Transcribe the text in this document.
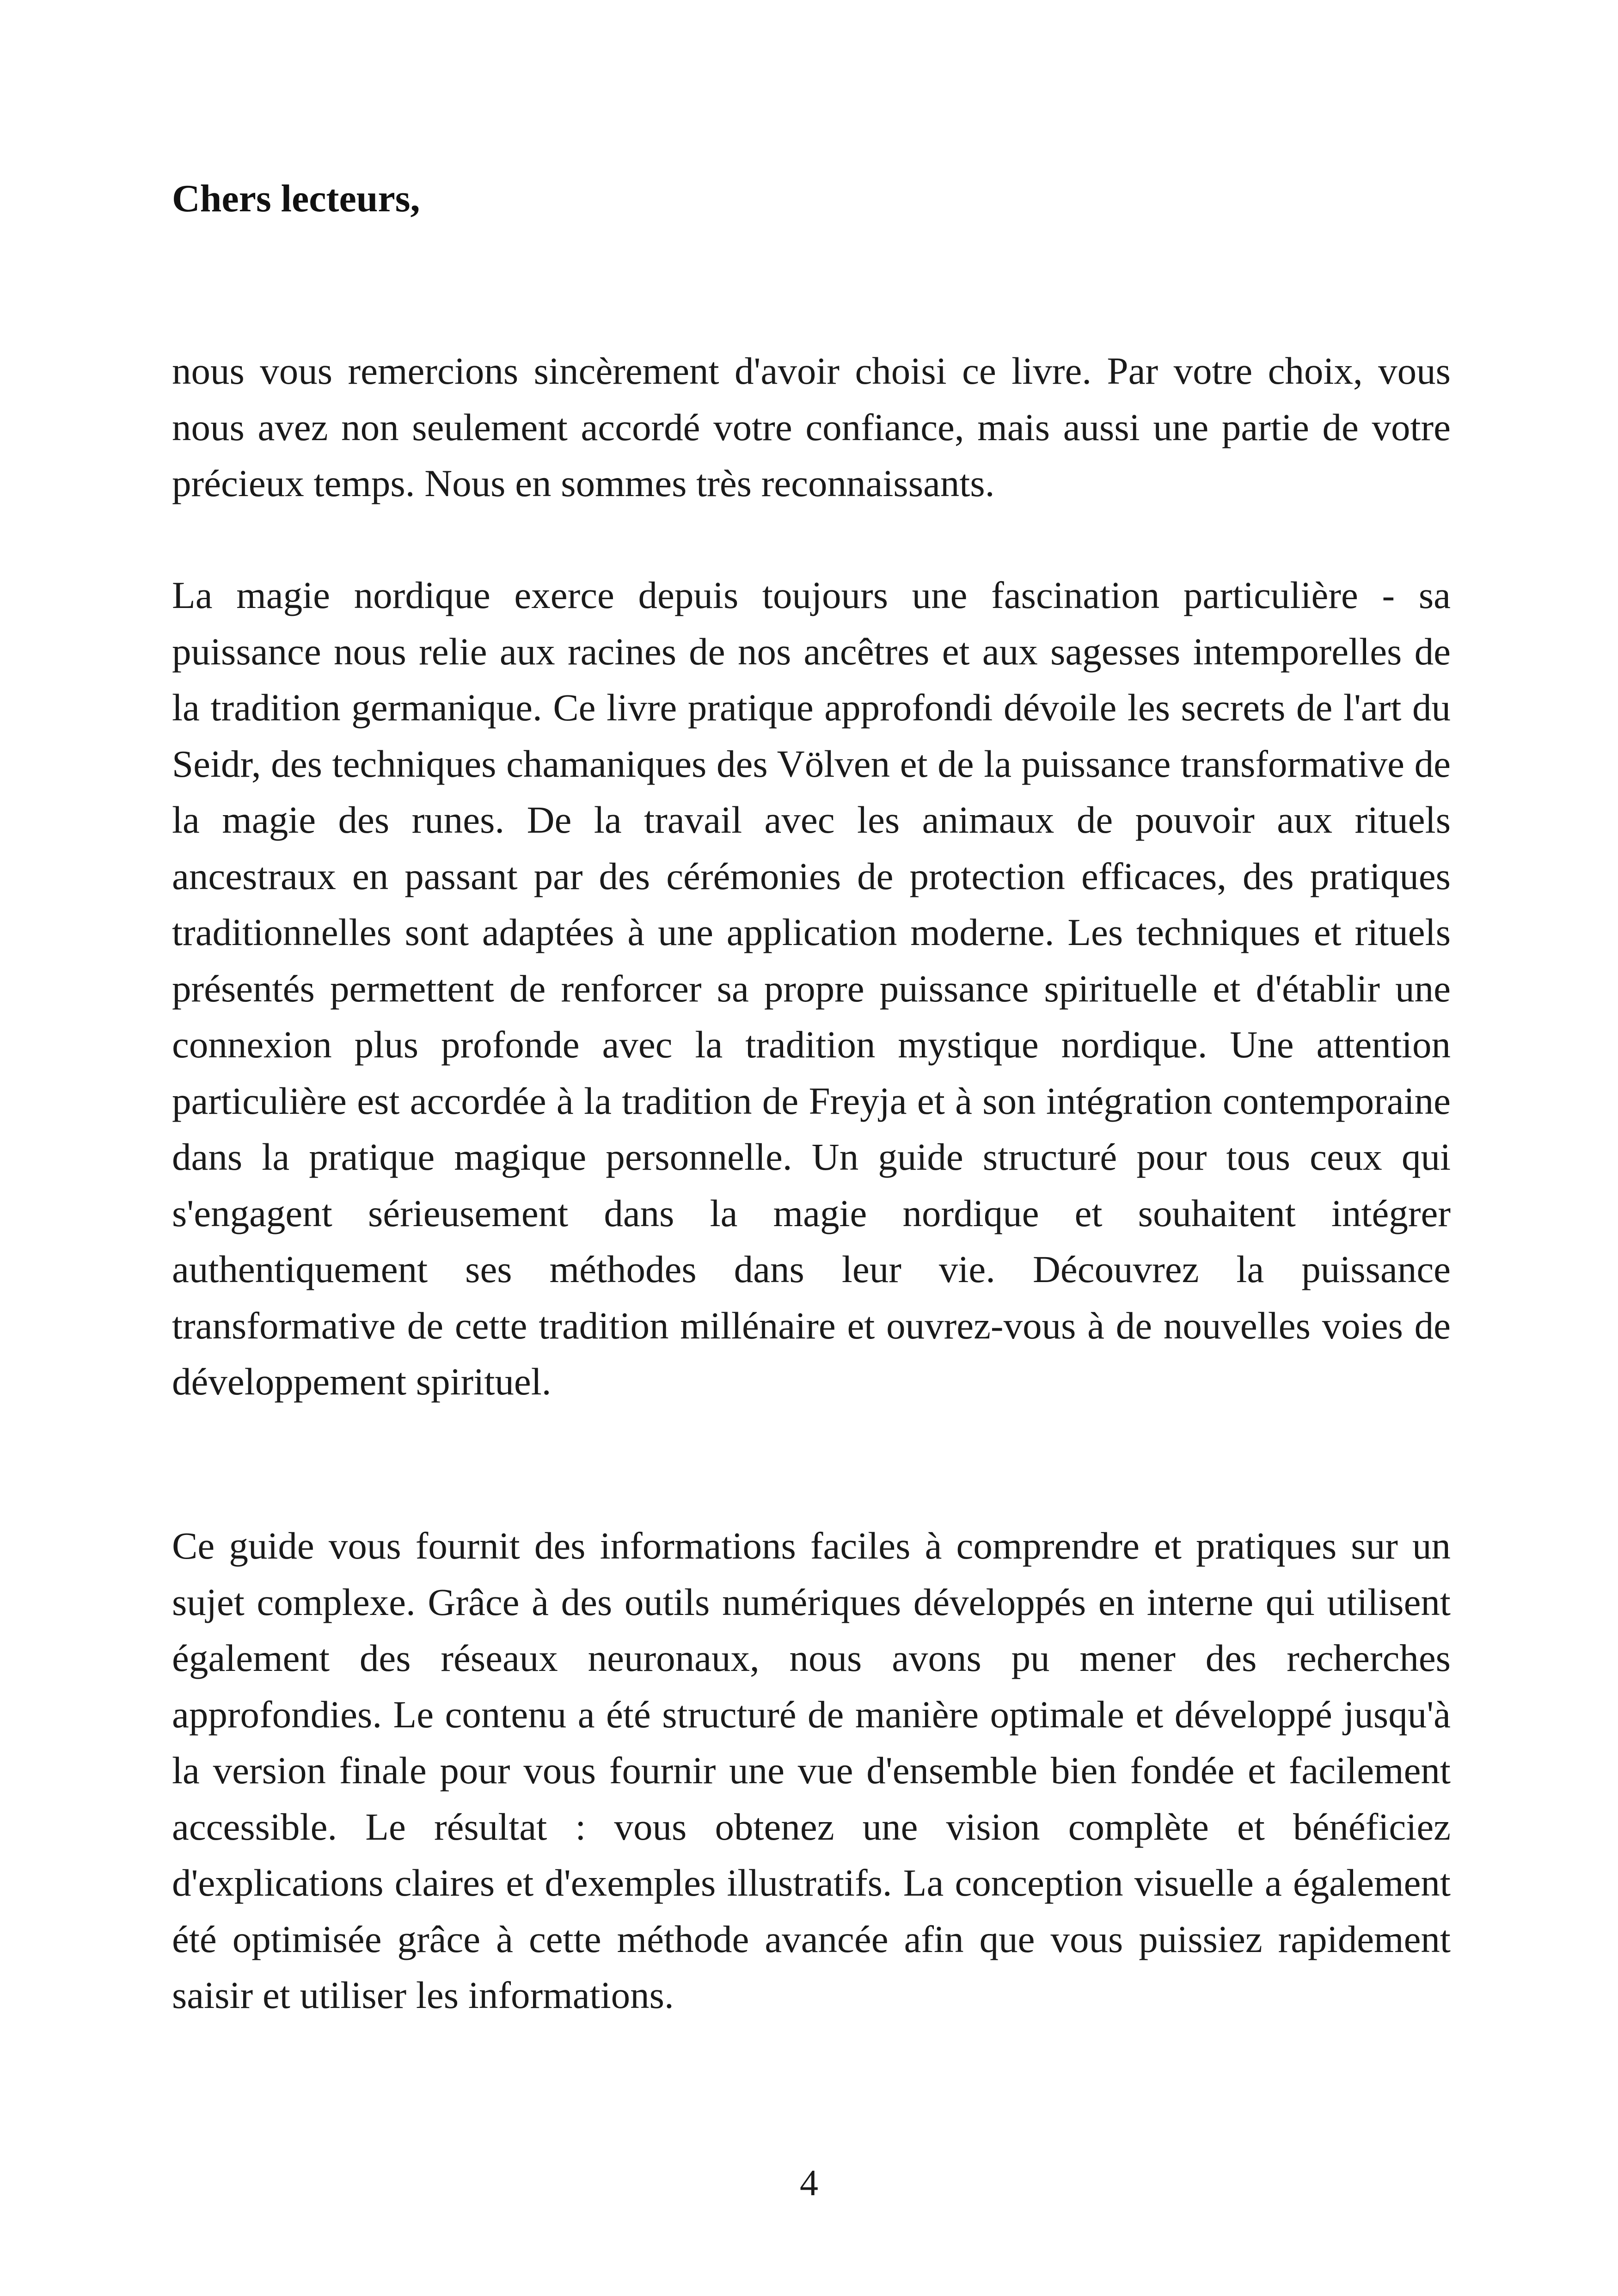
Chers lecteurs,

nous vous remercions sincèrement d'avoir choisi ce livre. Par votre choix, vous nous avez non seulement accordé votre confiance, mais aussi une partie de votre précieux temps. Nous en sommes très reconnaissants.

La magie nordique exerce depuis toujours une fascination particulière - sa puissance nous relie aux racines de nos ancêtres et aux sagesses intemporelles de la tradition germanique. Ce livre pratique approfondi dévoile les secrets de l'art du Seidr, des techniques chamaniques des Völven et de la puissance transformative de la magie des runes. De la travail avec les animaux de pouvoir aux rituels ancestraux en passant par des cérémonies de protection efficaces, des pratiques traditionnelles sont adaptées à une application moderne. Les techniques et rituels présentés permettent de renforcer sa propre puissance spirituelle et d'établir une connexion plus profonde avec la tradition mystique nordique. Une attention particulière est accordée à la tradition de Freyja et à son intégration contemporaine dans la pratique magique personnelle. Un guide structuré pour tous ceux qui s'engagent sérieusement dans la magie nordique et souhaitent intégrer authentiquement ses méthodes dans leur vie. Découvrez la puissance transformative de cette tradition millénaire et ouvrez-vous à de nouvelles voies de développement spirituel.

Ce guide vous fournit des informations faciles à comprendre et pratiques sur un sujet complexe. Grâce à des outils numériques développés en interne qui utilisent également des réseaux neuronaux, nous avons pu mener des recherches approfondies. Le contenu a été structuré de manière optimale et développé jusqu'à la version finale pour vous fournir une vue d'ensemble bien fondée et facilement accessible. Le résultat : vous obtenez une vision complète et bénéficiez d'explications claires et d'exemples illustratifs. La conception visuelle a également été optimisée grâce à cette méthode avancée afin que vous puissiez rapidement saisir et utiliser les informations.

4
